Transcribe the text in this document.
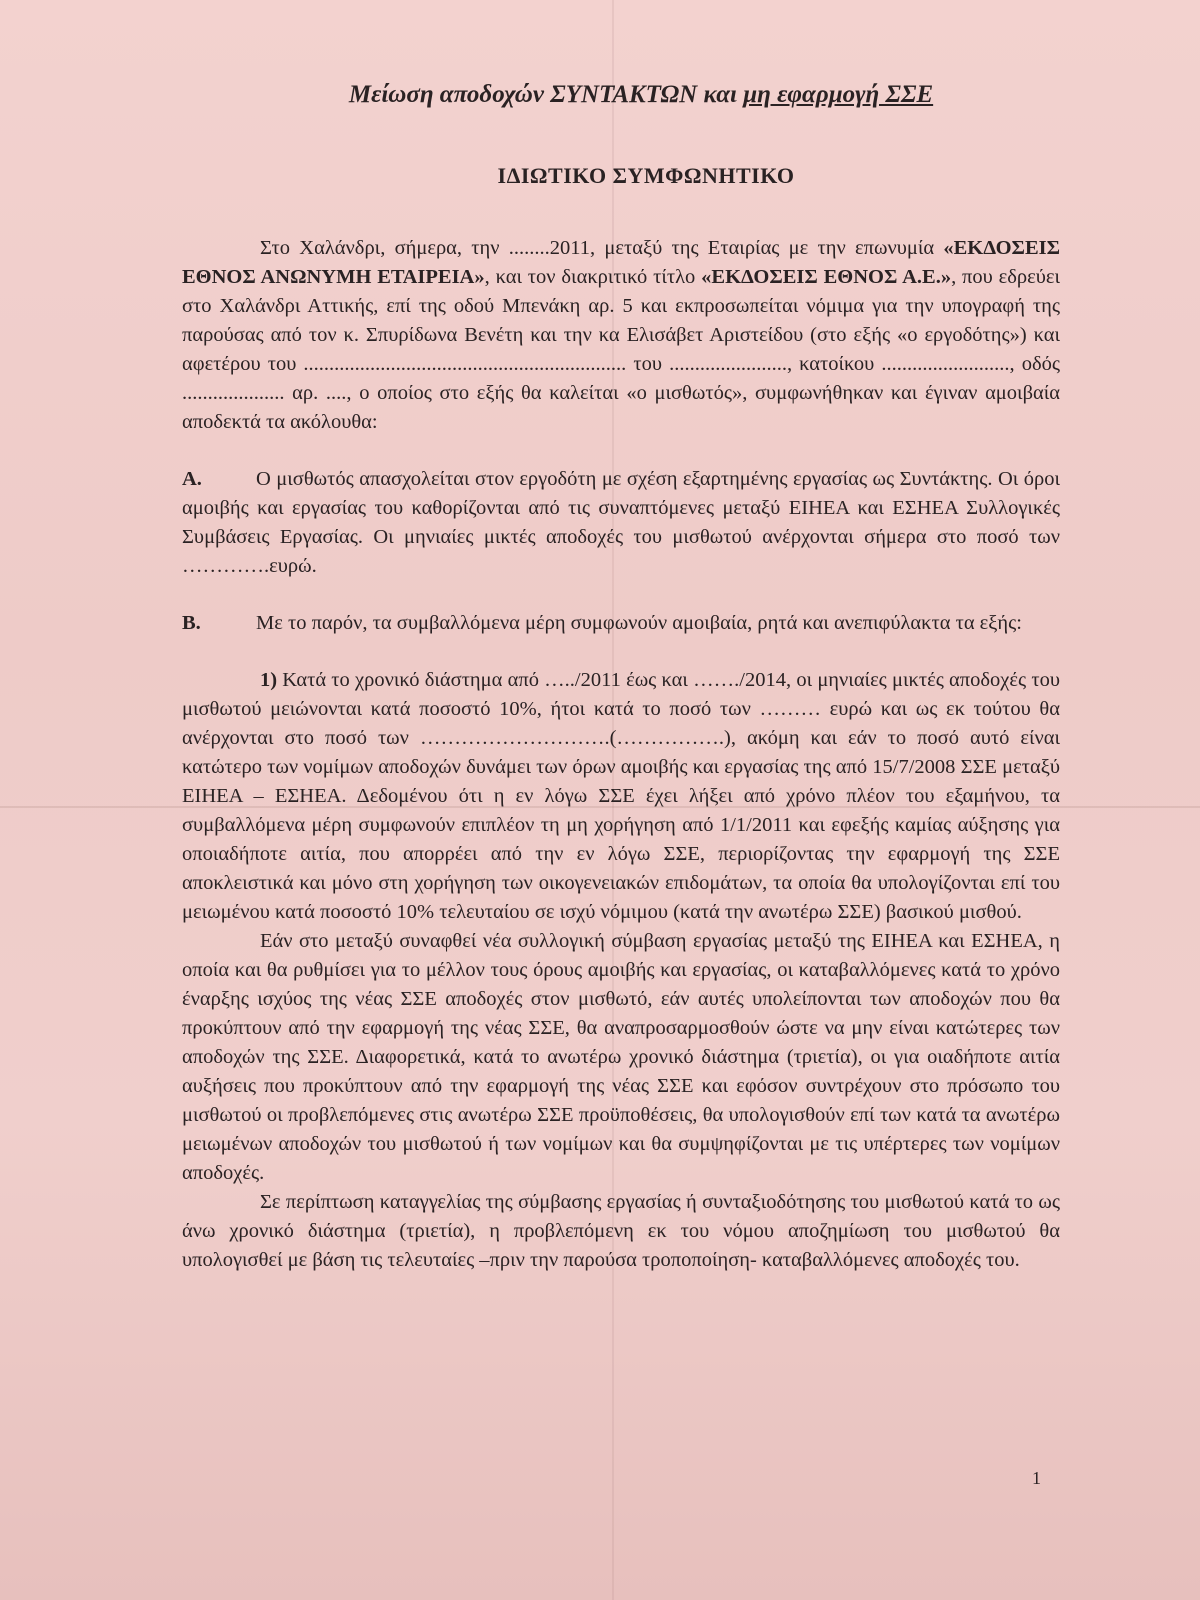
Μείωση αποδοχών ΣΥΝΤΑΚΤΩΝ και μη εφαρμογή ΣΣΕ
ΙΔΙΩΤΙΚΟ ΣΥΜΦΩΝΗΤΙΚΟ

Στο Χαλάνδρι, σήμερα, την ........2011, μεταξύ της Εταιρίας με την επωνυμία «ΕΚΔΟΣΕΙΣ ΕΘΝΟΣ ΑΝΩΝΥΜΗ ΕΤΑΙΡΕΙΑ», και τον διακριτικό τίτλο «ΕΚΔΟΣΕΙΣ ΕΘΝΟΣ Α.Ε.», που εδρεύει στο Χαλάνδρι Αττικής, επί της οδού Μπενάκη αρ. 5 και εκπροσωπείται νόμιμα για την υπογραφή της παρούσας από τον κ. Σπυρίδωνα Βενέτη και την κα Ελισάβετ Αριστείδου (στο εξής «ο εργοδότης») και αφετέρου του ............................................................... του ......................., κατοίκου ........................., οδός .................... αρ. ...., ο οποίος στο εξής θα καλείται «ο μισθωτός», συμφωνήθηκαν και έγιναν αμοιβαία αποδεκτά τα ακόλουθα:

Α.	Ο μισθωτός απασχολείται στον εργοδότη με σχέση εξαρτημένης εργασίας ως Συντάκτης. Οι όροι αμοιβής και εργασίας του καθορίζονται από τις συναπτόμενες μεταξύ ΕΙΗΕΑ και ΕΣΗΕΑ Συλλογικές Συμβάσεις Εργασίας. Οι μηνιαίες μικτές αποδοχές του μισθωτού ανέρχονται σήμερα στο ποσό των ………….ευρώ.

Β.	Με το παρόν, τα συμβαλλόμενα μέρη συμφωνούν αμοιβαία, ρητά και ανεπιφύλακτα τα εξής:

1) Κατά το χρονικό διάστημα από …../2011 έως και ……./2014, οι μηνιαίες μικτές αποδοχές του μισθωτού μειώνονται κατά ποσοστό 10%, ήτοι κατά το ποσό των ……… ευρώ και ως εκ τούτου θα ανέρχονται στο ποσό των ……………………….(…………….), ακόμη και εάν το ποσό αυτό είναι κατώτερο των νομίμων αποδοχών δυνάμει των όρων αμοιβής και εργασίας της από 15/7/2008 ΣΣΕ μεταξύ ΕΙΗΕΑ – ΕΣΗΕΑ. Δεδομένου ότι η εν λόγω ΣΣΕ έχει λήξει από χρόνο πλέον του εξαμήνου, τα συμβαλλόμενα μέρη συμφωνούν επιπλέον τη μη χορήγηση από 1/1/2011 και εφεξής καμίας αύξησης για οποιαδήποτε αιτία, που απορρέει από την εν λόγω ΣΣΕ, περιορίζοντας την εφαρμογή της ΣΣΕ αποκλειστικά και μόνο στη χορήγηση των οικογενειακών επιδομάτων, τα οποία θα υπολογίζονται επί του μειωμένου κατά ποσοστό 10% τελευταίου σε ισχύ νόμιμου (κατά την ανωτέρω ΣΣΕ) βασικού μισθού.

Εάν στο μεταξύ συναφθεί νέα συλλογική σύμβαση εργασίας μεταξύ της ΕΙΗΕΑ και ΕΣΗΕΑ, η οποία και θα ρυθμίσει για το μέλλον τους όρους αμοιβής και εργασίας, οι καταβαλλόμενες κατά το χρόνο έναρξης ισχύος της νέας ΣΣΕ αποδοχές στον μισθωτό, εάν αυτές υπολείπονται των αποδοχών που θα προκύπτουν από την εφαρμογή της νέας ΣΣΕ, θα αναπροσαρμοσθούν ώστε να μην είναι κατώτερες των αποδοχών της ΣΣΕ. Διαφορετικά, κατά το ανωτέρω χρονικό διάστημα (τριετία), οι για οιαδήποτε αιτία αυξήσεις που προκύπτουν από την εφαρμογή της νέας ΣΣΕ και εφόσον συντρέχουν στο πρόσωπο του μισθωτού οι προβλεπόμενες στις ανωτέρω ΣΣΕ προϋποθέσεις, θα υπολογισθούν επί των κατά τα ανωτέρω μειωμένων αποδοχών του μισθωτού ή των νομίμων και θα συμψηφίζονται με τις υπέρτερες των νομίμων αποδοχές.

Σε περίπτωση καταγγελίας της σύμβασης εργασίας ή συνταξιοδότησης του μισθωτού κατά το ως άνω χρονικό διάστημα (τριετία), η προβλεπόμενη εκ του νόμου αποζημίωση του μισθωτού θα υπολογισθεί με βάση τις τελευταίες –πριν την παρούσα τροποποίηση- καταβαλλόμενες αποδοχές του.

1
